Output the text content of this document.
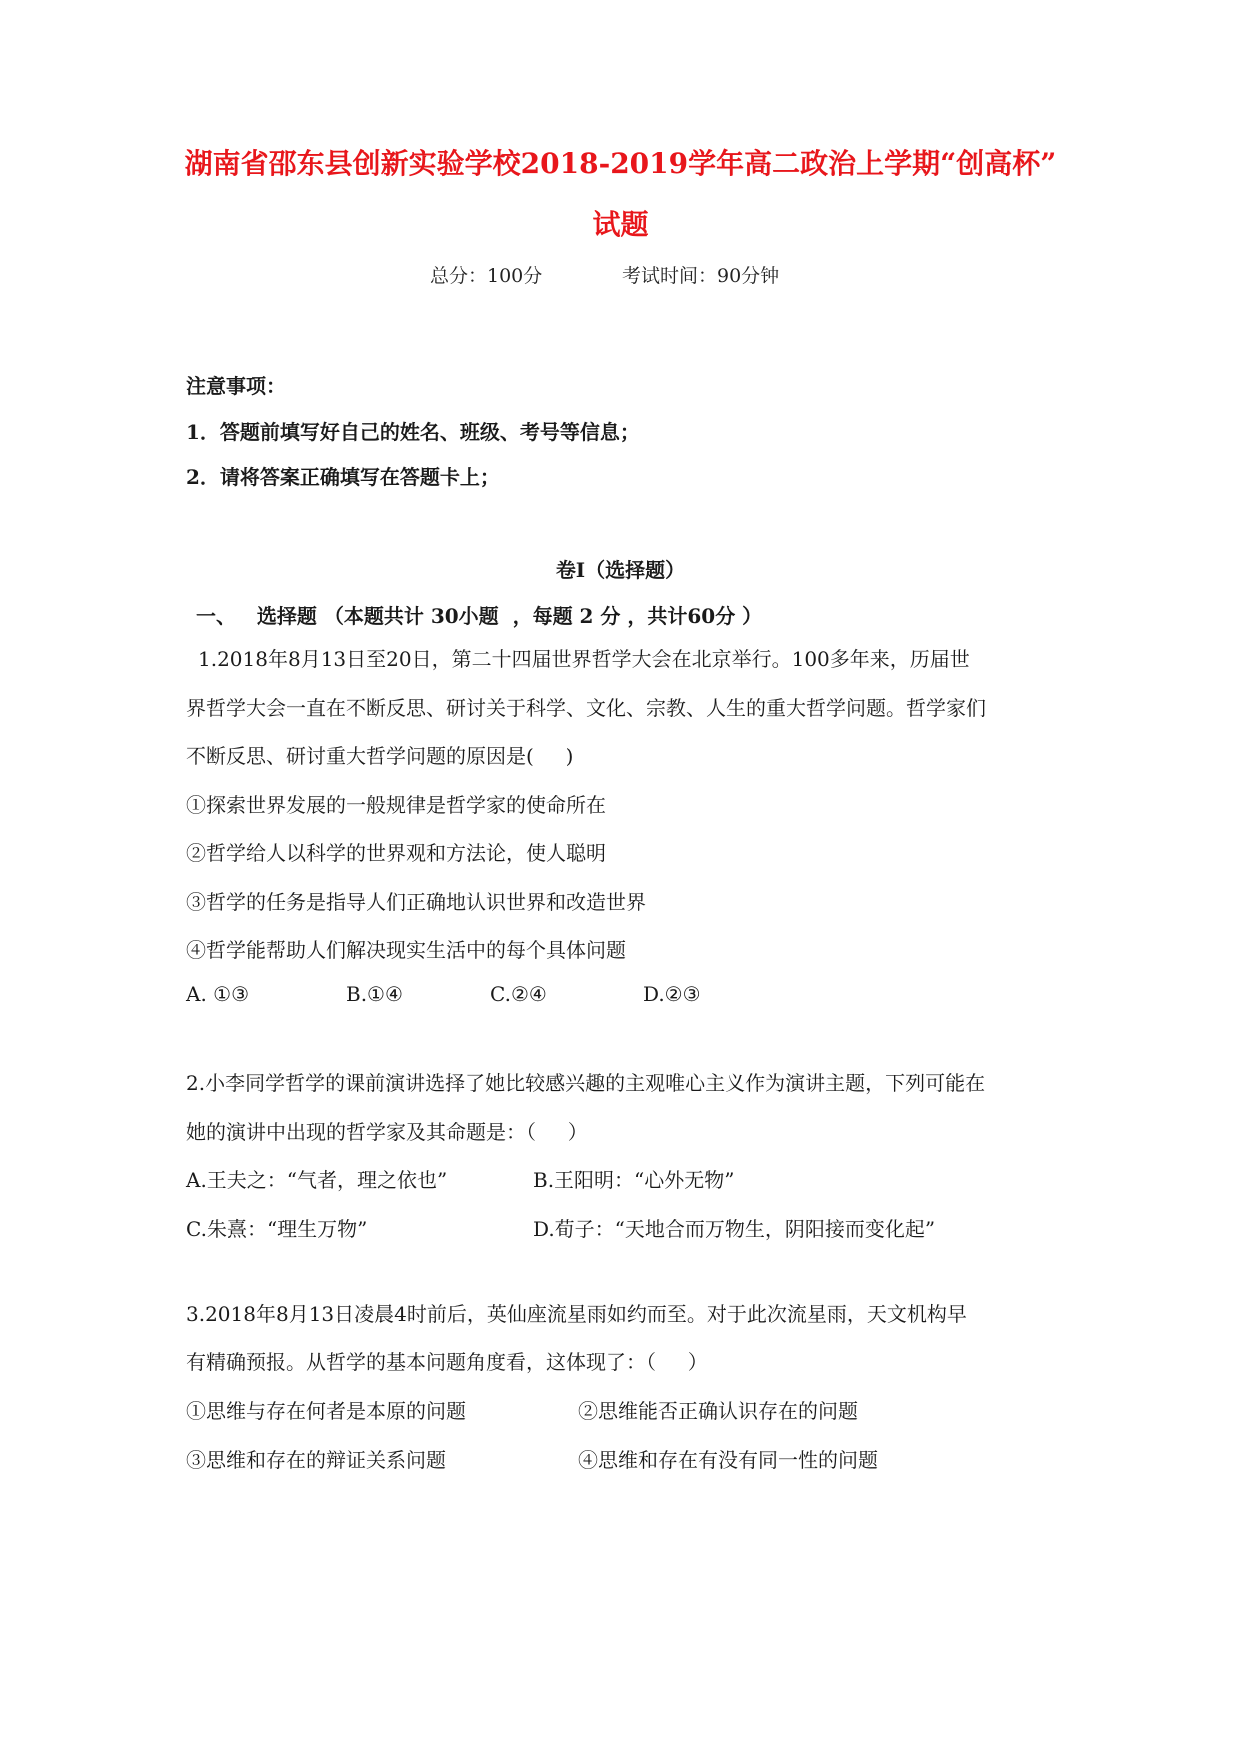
湖南省邵东县创新实验学校2018-2019学年高二政治上学期“创高杯”
试题
总分：100分	考试时间：90分钟
注意事项：
1．答题前填写好自己的姓名、班级、考号等信息；
2．请将答案正确填写在答题卡上；
卷I（选择题）
一、   选择题 （本题共计 30小题  ，每题 2 分 ，共计60分 ）
1.2018年8月13日至20日，第二十四届世界哲学大会在北京举行。100多年来，历届世
界哲学大会一直在不断反思、研讨关于科学、文化、宗教、人生的重大哲学问题。哲学家们
不断反思、研讨重大哲学问题的原因是(     )
①探索世界发展的一般规律是哲学家的使命所在
②哲学给人以科学的世界观和方法论，使人聪明
③哲学的任务是指导人们正确地认识世界和改造世界
④哲学能帮助人们解决现实生活中的每个具体问题
A. ①③	B.①④	C.②④	D.②③
2.小李同学哲学的课前演讲选择了她比较感兴趣的主观唯心主义作为演讲主题，下列可能在
她的演讲中出现的哲学家及其命题是：（     ）
A.王夫之：“气者，理之依也”	B.王阳明：“心外无物”
C.朱熹：“理生万物”	D.荀子：“天地合而万物生，阴阳接而变化起”
3.2018年8月13日凌晨4时前后，英仙座流星雨如约而至。对于此次流星雨，天文机构早
有精确预报。从哲学的基本问题角度看，这体现了：（     ）
①思维与存在何者是本原的问题	②思维能否正确认识存在的问题
③思维和存在的辩证关系问题	④思维和存在有没有同一性的问题
